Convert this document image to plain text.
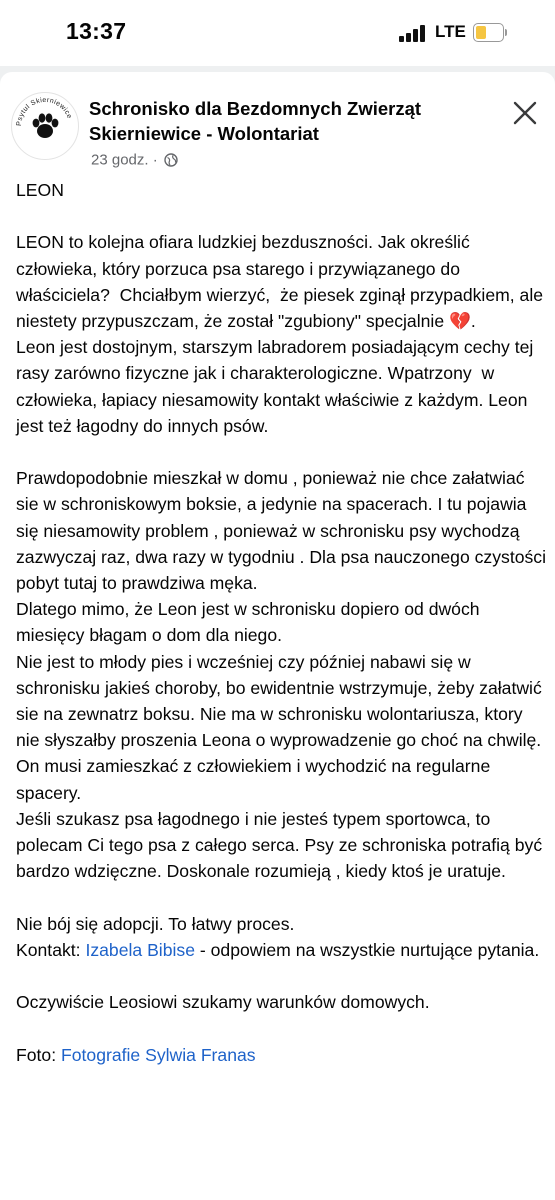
13:37	LTE
Psytul Skierniewice Schronisko dla Bezdomnych Zwierząt Skierniewice - Wolontariat
23 godz. ·
LEON

LEON to kolejna ofiara ludzkiej bezduszności. Jak określić człowieka, który porzuca psa starego i przywiązanego do właściciela?  Chciałbym wierzyć,  że piesek zginął przypadkiem, ale niestety przypuszczam, że został "zgubiony" specjalnie 💔.
Leon jest dostojnym, starszym labradorem posiadającym cechy tej rasy zarówno fizyczne jak i charakterologiczne. Wpatrzony  w człowieka, łapiacy niesamowity kontakt właściwie z każdym. Leon jest też łagodny do innych psów.

Prawdopodobnie mieszkał w domu , ponieważ nie chce załatwiać sie w schroniskowym boksie, a jedynie na spacerach. I tu pojawia się niesamowity problem , ponieważ w schronisku psy wychodzą zazwyczaj raz, dwa razy w tygodniu . Dla psa nauczonego czystości pobyt tutaj to prawdziwa męka.
Dlatego mimo, że Leon jest w schronisku dopiero od dwóch miesięcy błagam o dom dla niego.
Nie jest to młody pies i wcześniej czy później nabawi się w schronisku jakieś choroby, bo ewidentnie wstrzymuje, żeby załatwić sie na zewnatrz boksu. Nie ma w schronisku wolontariusza, ktory nie słyszałby proszenia Leona o wyprowadzenie go choć na chwilę.  On musi zamieszkać z człowiekiem i wychodzić na regularne spacery.
Jeśli szukasz psa łagodnego i nie jesteś typem sportowca, to polecam Ci tego psa z całego serca. Psy ze schroniska potrafią być bardzo wdzięczne. Doskonale rozumieją , kiedy ktoś je uratuje.

Nie bój się adopcji. To łatwy proces.
Kontakt: Izabela Bibise - odpowiem na wszystkie nurtujące pytania.

Oczywiście Leosiowi szukamy warunków domowych.

Foto: Fotografie Sylwia Franas
